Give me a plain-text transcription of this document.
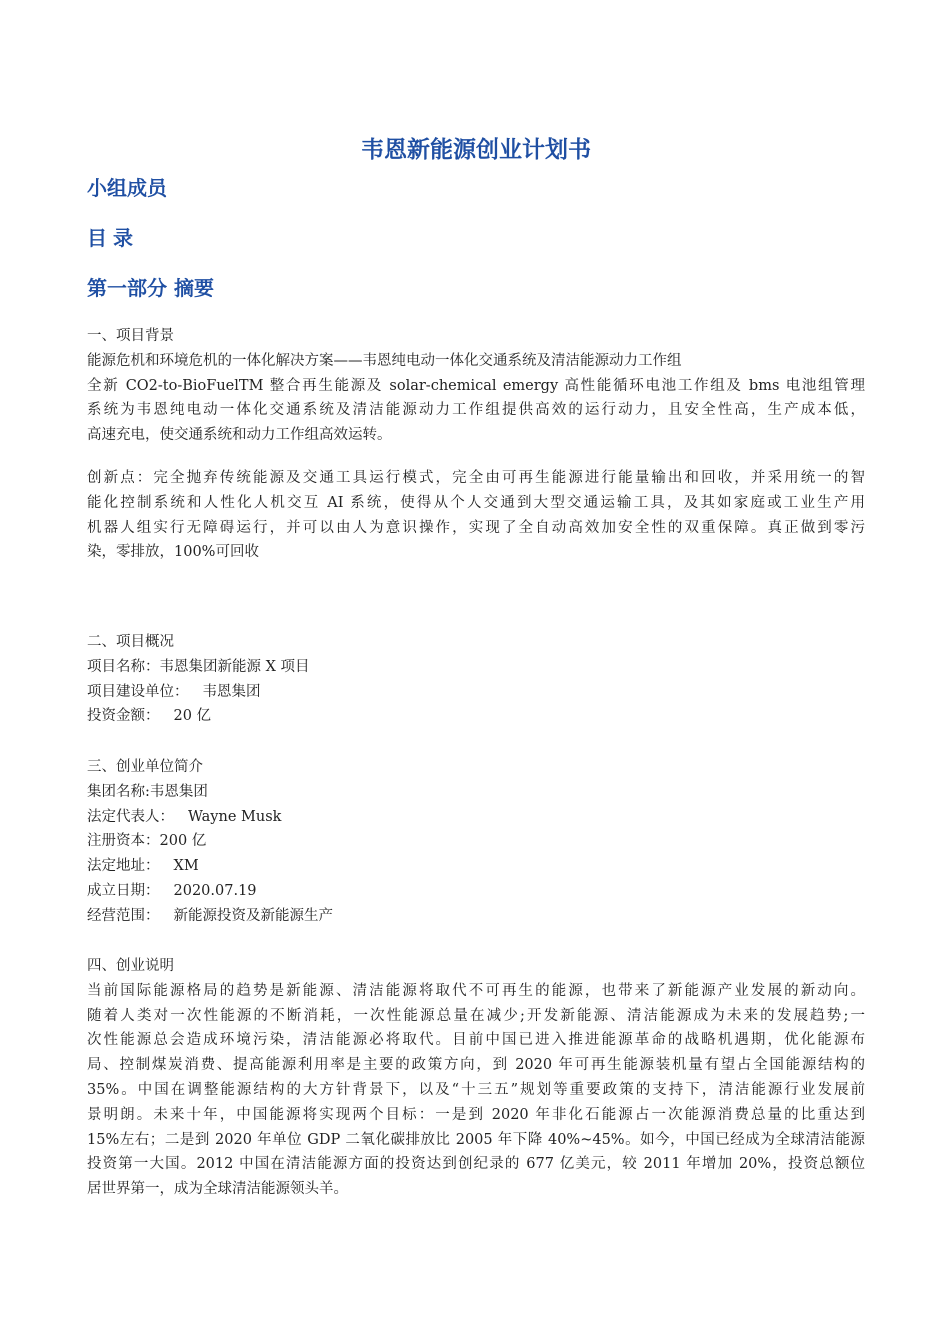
韦恩新能源创业计划书
小组成员
目录
第一部分 摘要
一、项目背景
能源危机和环境危机的一体化解决方案——韦恩纯电动一体化交通系统及清洁能源动力工作组
全新 CO2-to-BioFuelTM 整合再生能源及 solar-chemical emergy 高性能循环电池工作组及 bms 电池组管理
系统为韦恩纯电动一体化交通系统及清洁能源动力工作组提供高效的运行动力，且安全性高，生产成本低，
高速充电，使交通系统和动力工作组高效运转。
创新点：完全抛弃传统能源及交通工具运行模式，完全由可再生能源进行能量输出和回收，并采用统一的智
能化控制系统和人性化人机交互 AI 系统，使得从个人交通到大型交通运输工具，及其如家庭或工业生产用
机器人组实行无障碍运行，并可以由人为意识操作，实现了全自动高效加安全性的双重保障。真正做到零污
染，零排放，100%可回收
二、项目概况
项目名称：韦恩集团新能源 X 项目
项目建设单位： 韦恩集团
投资金额： 20 亿
三、创业单位简介
集团名称:韦恩集团
法定代表人： Wayne Musk
注册资本：200 亿
法定地址： XM
成立日期： 2020.07.19
经营范围： 新能源投资及新能源生产
四、创业说明
当前国际能源格局的趋势是新能源、清洁能源将取代不可再生的能源，也带来了新能源产业发展的新动向。
随着人类对一次性能源的不断消耗，一次性能源总量在减少;开发新能源、清洁能源成为未来的发展趋势;一
次性能源总会造成环境污染，清洁能源必将取代。目前中国已进入推进能源革命的战略机遇期，优化能源布
局、控制煤炭消费、提高能源利用率是主要的政策方向，到 2020 年可再生能源装机量有望占全国能源结构的
35%。中国在调整能源结构的大方针背景下，以及“十三五”规划等重要政策的支持下，清洁能源行业发展前
景明朗。未来十年，中国能源将实现两个目标：一是到 2020 年非化石能源占一次能源消费总量的比重达到
15%左右；二是到 2020 年单位 GDP 二氧化碳排放比 2005 年下降 40%~45%。如今，中国已经成为全球清洁能源
投资第一大国。2012 中国在清洁能源方面的投资达到创纪录的 677 亿美元，较 2011 年增加 20%，投资总额位
居世界第一，成为全球清洁能源领头羊。
